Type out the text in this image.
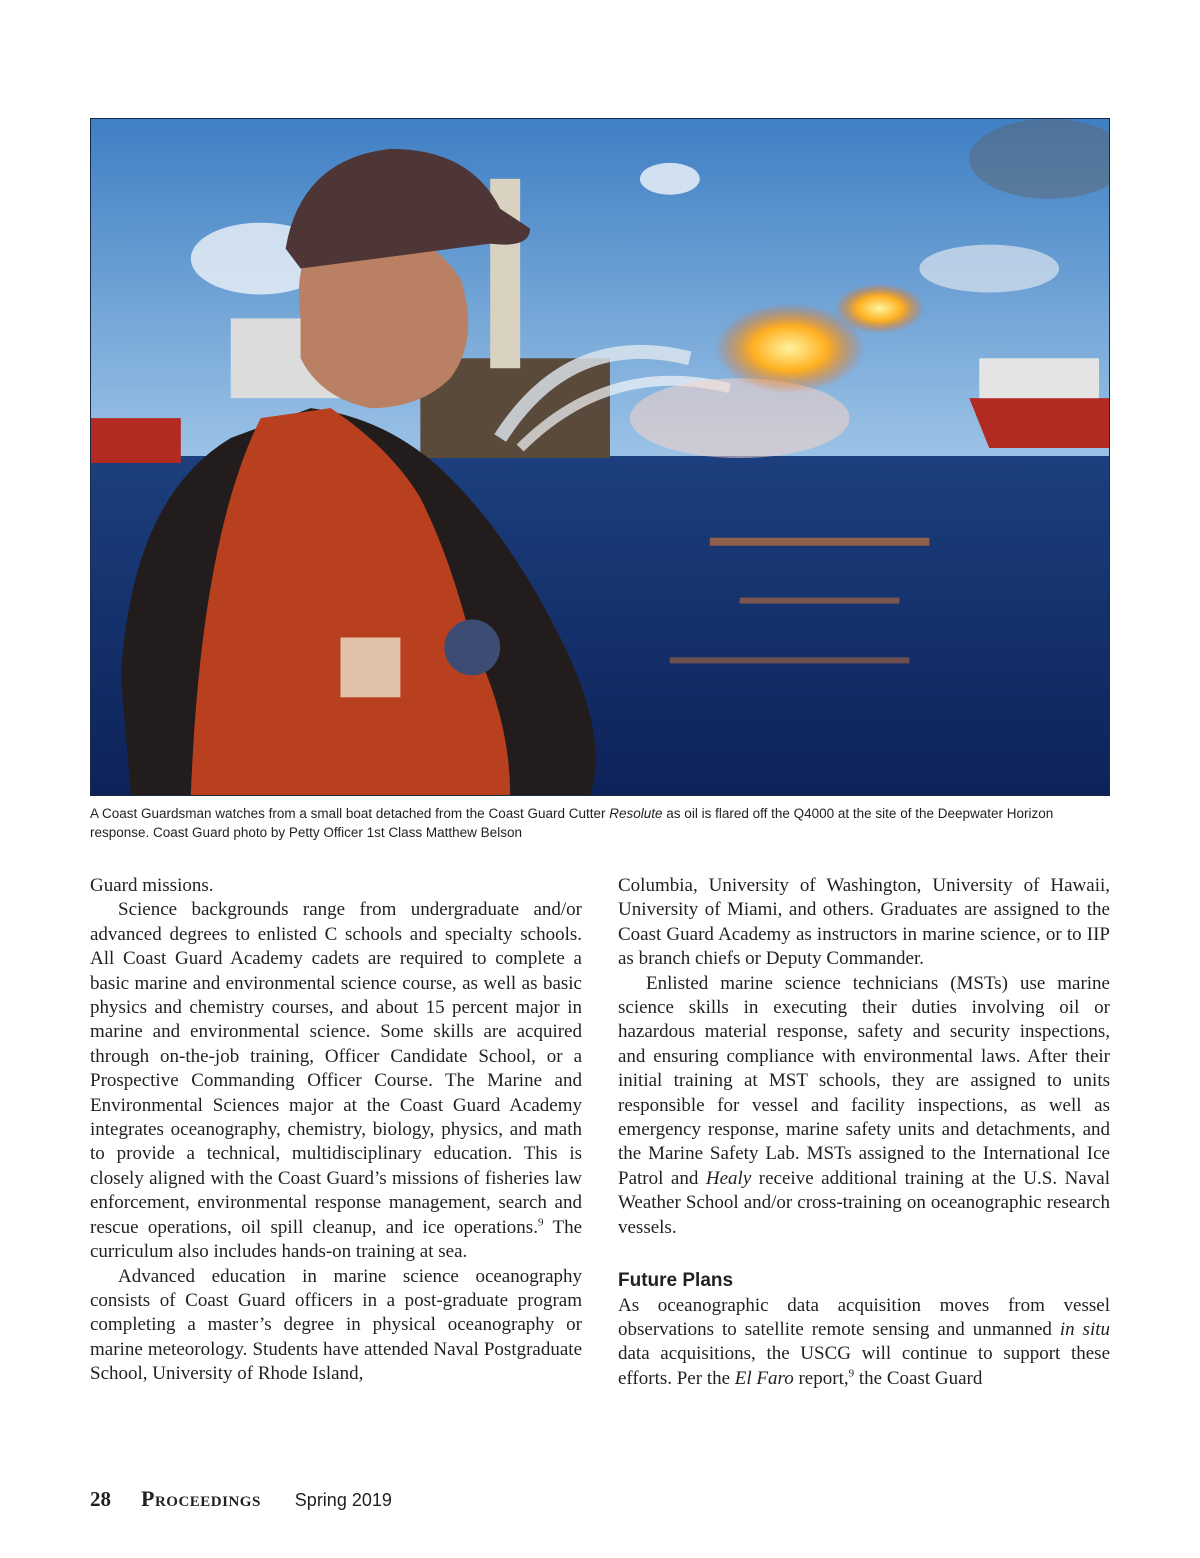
A Coast Guardsman watches from a small boat detached from the Coast Guard Cutter Resolute as oil is flared off the Q4000 at the site of the Deepwater Horizon response. Coast Guard photo by Petty Officer 1st Class Matthew Belson

Guard missions.

Science backgrounds range from undergraduate and/or advanced degrees to enlisted C schools and specialty schools. All Coast Guard Academy cadets are required to complete a basic marine and environmental science course, as well as basic physics and chemistry courses, and about 15 percent major in marine and environmental science. Some skills are acquired through on-the-job training, Officer Candidate School, or a Prospective Commanding Officer Course. The Marine and Environmental Sciences major at the Coast Guard Academy integrates oceanography, chemistry, biology, physics, and math to provide a technical, multidisciplinary education. This is closely aligned with the Coast Guard’s missions of fisheries law enforcement, environmental response management, search and rescue operations, oil spill cleanup, and ice operations.$^9$ The curriculum also includes hands-on training at sea.

Advanced education in marine science oceanography consists of Coast Guard officers in a post-graduate program completing a master’s degree in physical oceanography or marine meteorology. Students have attended Naval Postgraduate School, University of Rhode Island,

Columbia, University of Washington, University of Hawaii, University of Miami, and others. Graduates are assigned to the Coast Guard Academy as instructors in marine science, or to IIP as branch chiefs or Deputy Commander.

Enlisted marine science technicians (MSTs) use marine science skills in executing their duties involving oil or hazardous material response, safety and security inspections, and ensuring compliance with environmental laws. After their initial training at MST schools, they are assigned to units responsible for vessel and facility inspections, as well as emergency response, marine safety units and detachments, and the Marine Safety Lab. MSTs assigned to the International Ice Patrol and Healy receive additional training at the U.S. Naval Weather School and/or cross-training on oceanographic research vessels.

Future Plans

As oceanographic data acquisition moves from vessel observations to satellite remote sensing and unmanned in situ data acquisitions, the USCG will continue to support these efforts. Per the El Faro report,$^9$ the Coast Guard

28 Proceedings Spring 2019
